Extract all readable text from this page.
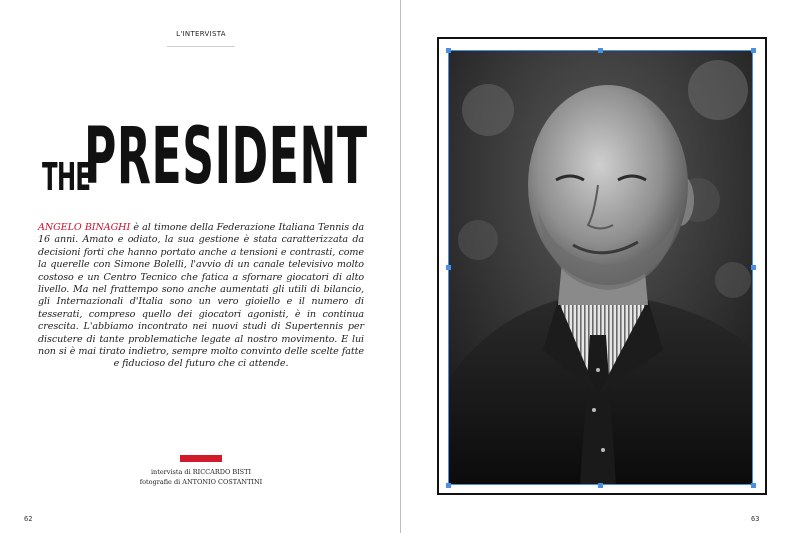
L'INTERVISTA
THE
PRESIDENT
ANGELO BINAGHI è al timone della Federazione Italiana Tennis da 16 anni. Amato e odiato, la sua gestione è stata caratterizzata da decisioni forti che hanno portato anche a tensioni e contrasti, come la querelle con Simone Bolelli, l'avvio di un canale televisivo molto costoso e un Centro Tecnico che fatica a sfornare giocatori di alto livello. Ma nel frattempo sono anche aumentati gli utili di bilancio, gli Internazionali d'Italia sono un vero gioiello e il numero di tesserati, compreso quello dei giocatori agonisti, è in continua crescita. L'abbiamo incontrato nei nuovi studi di Supertennis per discutere di tante problematiche legate al nostro movimento. E lui non si è mai tirato indietro, sempre molto convinto delle scelte fatte e fiducioso del futuro che ci attende.
intervista di RICCARDO BISTI
fotografie di ANTONIO COSTANTINI
62	63
